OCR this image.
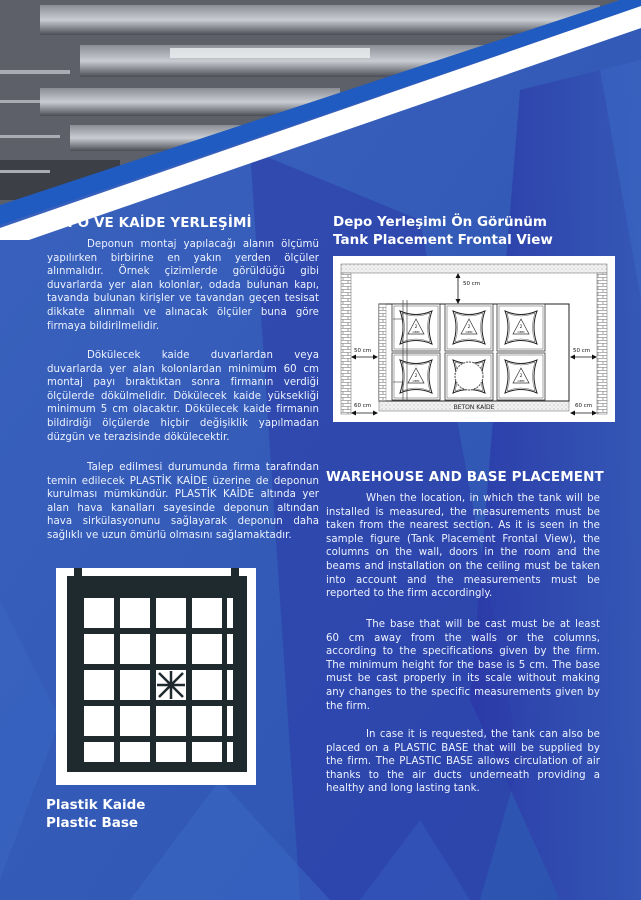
DEPO VE KAİDE YERLEŞİMİ
Deponun montaj yapılacağı alanın ölçümü yapılırken birbirine en yakın yerden ölçüler alınmalıdır. Örnek çizimlerde görüldüğü gibi duvarlarda yer alan kolonlar, odada bulunan kapı, tavanda bulunan kirişler ve tavandan geçen tesisat dikkate alınmalı ve alınacak ölçüler buna göre firmaya bildirilmelidir.
Dökülecek kaide duvarlardan veya duvarlarda yer alan kolonlardan minimum 60 cm montaj payı bıraktıktan sonra firmanın verdiği ölçülerde dökülmelidir. Dökülecek kaide yüksekliği minimum 5 cm olacaktır. Dökülecek kaide firmanın bildirdiği ölçülerde hiçbir değişiklik yapılmadan düzgün ve terazisinde dökülecektir.
Talep edilmesi durumunda firma tarafından temin edilecek PLASTİK KAİDE üzerine de deponun kurulması mümkündür. PLASTİK KAİDE altında yer alan hava kanalları sayesinde deponun altından hava sirkülasyonunu sağlayarak deponun daha sağlıklı ve uzun ömürlü olmasını sağlamaktadır.
Depo Yerleşimi Ön Görünüm
Tank Placement Frontal View
2
OBM
BETON KAİDE
50 cm
50 cm	50 cm
60 cm	60 cm
WAREHOUSE AND BASE PLACEMENT
When the location, in which the tank will be installed is measured, the measurements must be taken from the nearest section. As it is seen in the sample figure (Tank Placement Frontal View), the columns on the wall, doors in the room and the beams and installation on the ceiling must be taken into account and the measurements must be reported to the firm accordingly.
The base that will be cast must be at least 60 cm away from the walls or the columns, according to the specifications given by the firm. The minimum height for the base is 5 cm. The base must be cast properly in its scale without making any changes to the specific measurements given by the firm.
In case it is requested, the tank can also be placed on a PLASTIC BASE that will be supplied by the firm. The PLASTIC BASE allows circulation of air thanks to the air ducts underneath providing a healthy and long lasting tank.
Plastik Kaide
Plastic Base
